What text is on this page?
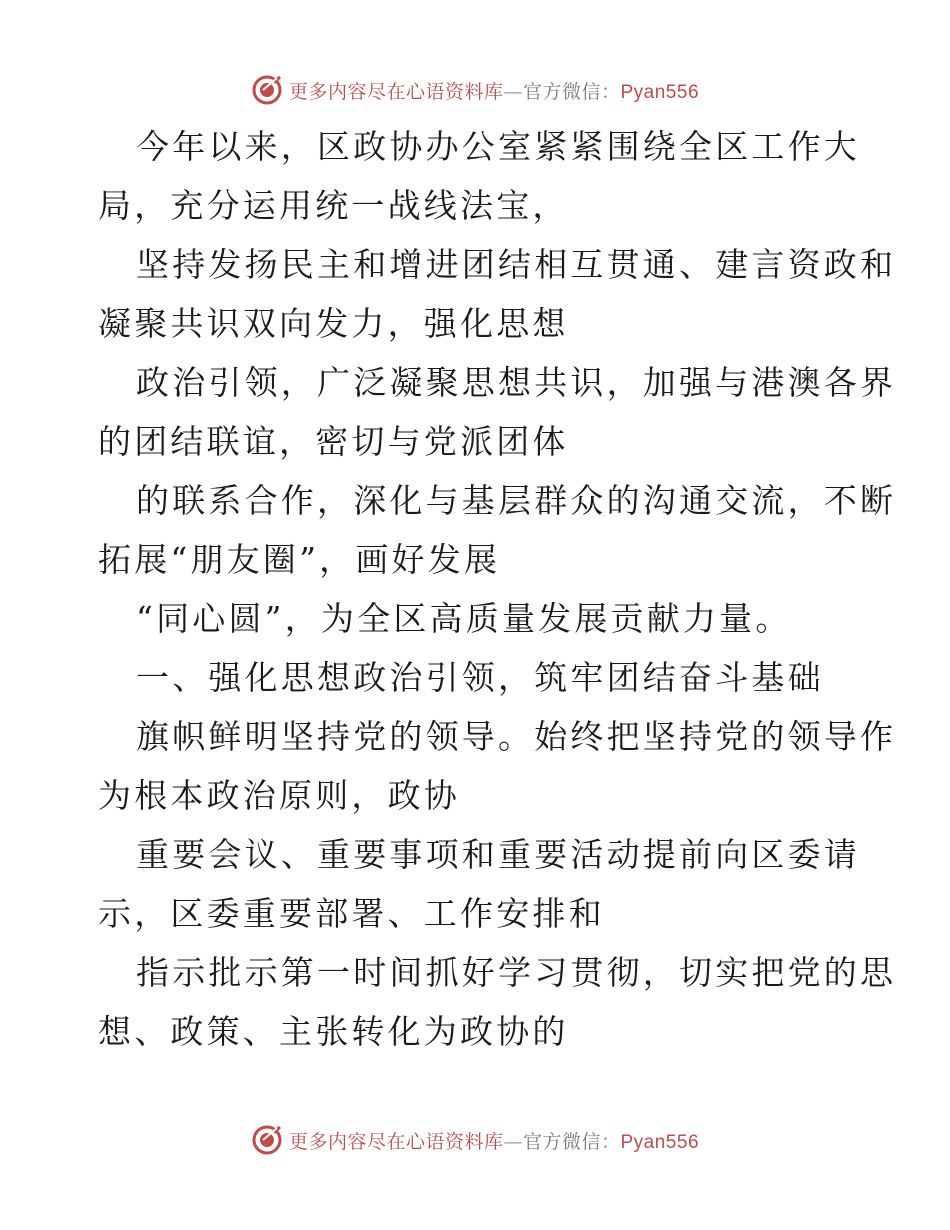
更多内容尽在心语资料库—官方微信：Pyan556

今年以来，区政协办公室紧紧围绕全区工作大

局，充分运用统一战线法宝，

坚持发扬民主和增进团结相互贯通、建言资政和

凝聚共识双向发力，强化思想

政治引领，广泛凝聚思想共识，加强与港澳各界

的团结联谊，密切与党派团体

的联系合作，深化与基层群众的沟通交流，不断

拓展“朋友圈”，画好发展

“同心圆”，为全区高质量发展贡献力量。

一、强化思想政治引领，筑牢团结奋斗基础

旗帜鲜明坚持党的领导。始终把坚持党的领导作

为根本政治原则，政协

重要会议、重要事项和重要活动提前向区委请

示，区委重要部署、工作安排和

指示批示第一时间抓好学习贯彻，切实把党的思

想、政策、主张转化为政协的

更多内容尽在心语资料库—官方微信：Pyan556
